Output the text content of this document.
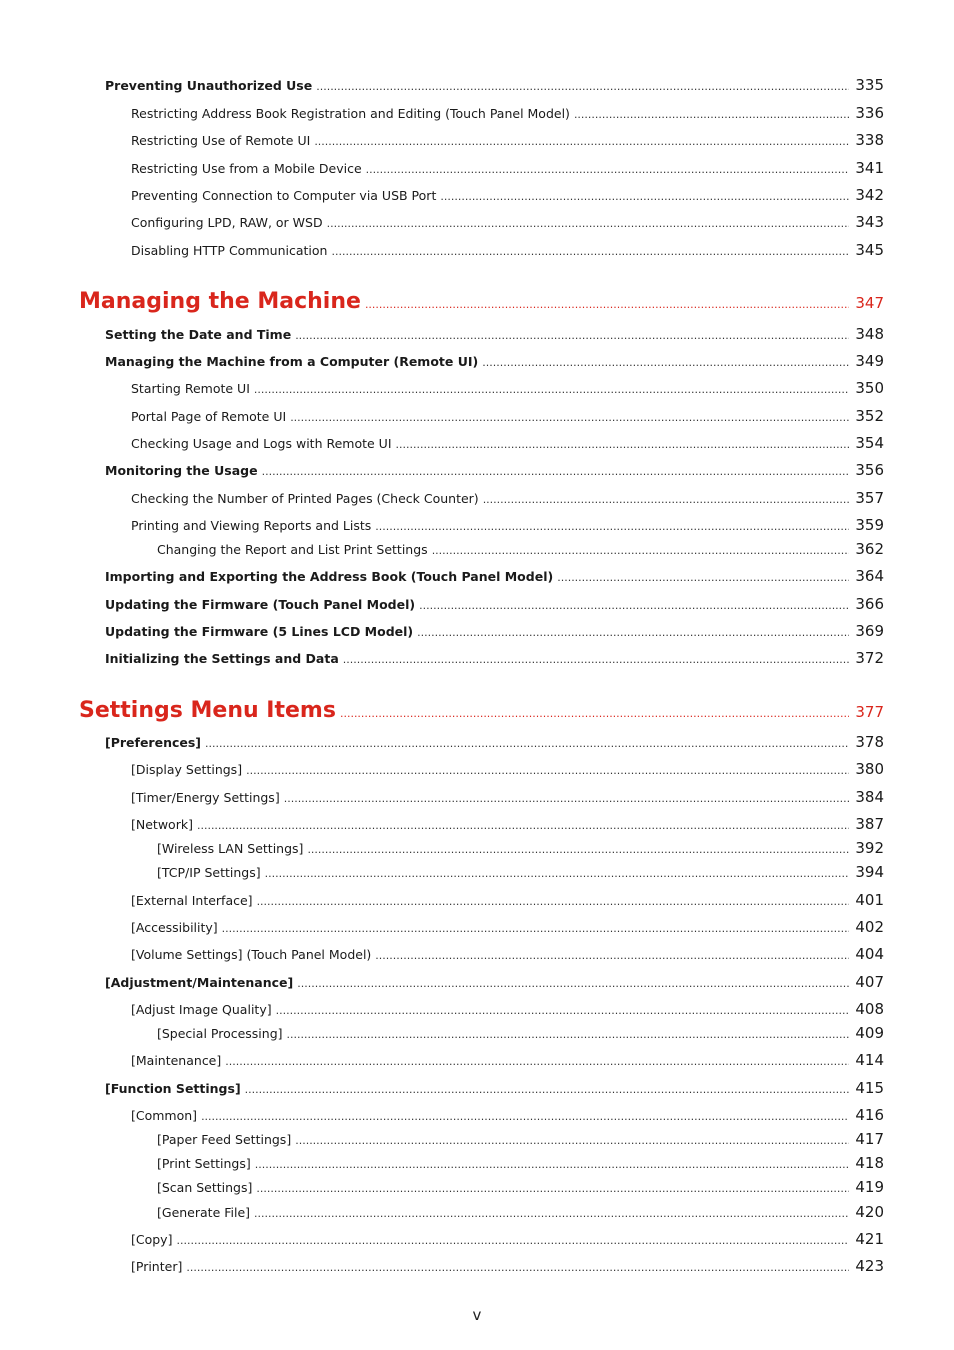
Preventing Unauthorized Use .....	335
Restricting Address Book Registration and Editing (Touch Panel Model) .....	336
Restricting Use of Remote UI .....	338
Restricting Use from a Mobile Device .....	341
Preventing Connection to Computer via USB Port .....	342
Configuring LPD, RAW, or WSD .....	343
Disabling HTTP Communication .....	345
Managing the Machine .....	347
Setting the Date and Time .....	348
Managing the Machine from a Computer (Remote UI) .....	349
Starting Remote UI .....	350
Portal Page of Remote UI .....	352
Checking Usage and Logs with Remote UI .....	354
Monitoring the Usage .....	356
Checking the Number of Printed Pages (Check Counter) .....	357
Printing and Viewing Reports and Lists .....	359
Changing the Report and List Print Settings .....	362
Importing and Exporting the Address Book (Touch Panel Model) .....	364
Updating the Firmware (Touch Panel Model) .....	366
Updating the Firmware (5 Lines LCD Model) .....	369
Initializing the Settings and Data .....	372
Settings Menu Items .....	377
[Preferences] .....	378
[Display Settings] .....	380
[Timer/Energy Settings] .....	384
[Network] .....	387
[Wireless LAN Settings] .....	392
[TCP/IP Settings] .....	394
[External Interface] .....	401
[Accessibility] .....	402
[Volume Settings] (Touch Panel Model) .....	404
[Adjustment/Maintenance] .....	407
[Adjust Image Quality] .....	408
[Special Processing] .....	409
[Maintenance] .....	414
[Function Settings] .....	415
[Common] .....	416
[Paper Feed Settings] .....	417
[Print Settings] .....	418
[Scan Settings] .....	419
[Generate File] .....	420
[Copy] .....	421
[Printer] .....	423
v
